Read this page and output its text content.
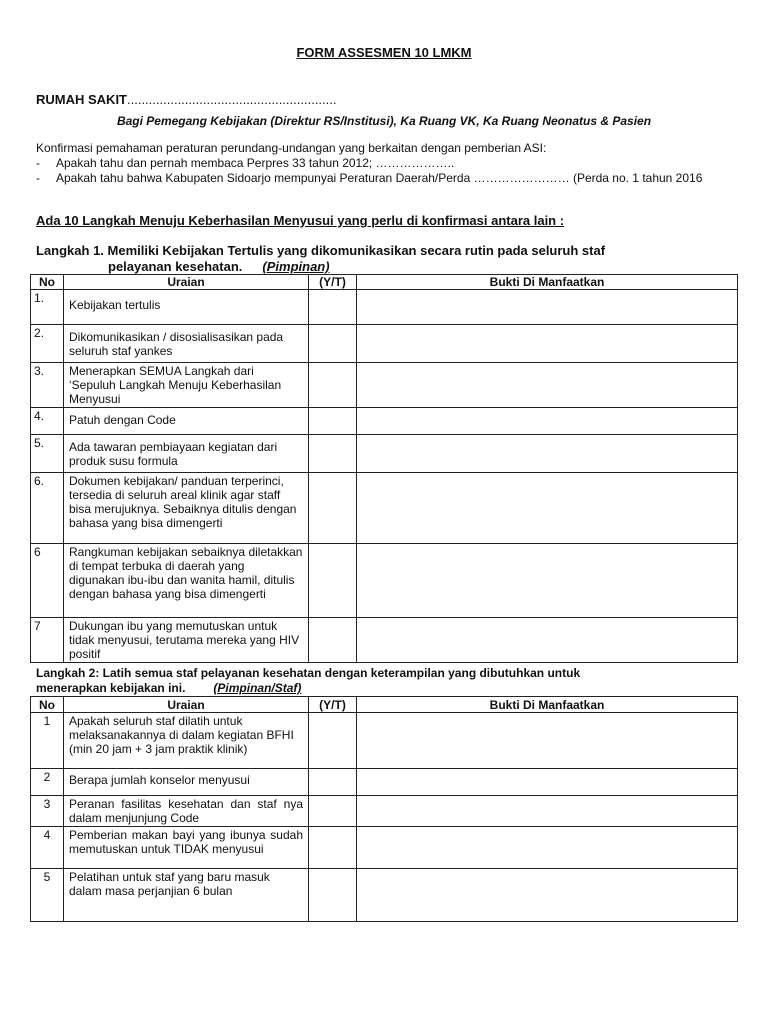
FORM ASSESMEN 10 LMKM
RUMAH SAKIT..........................................................
Bagi Pemegang Kebijakan (Direktur RS/Institusi), Ka Ruang VK, Ka Ruang Neonatus & Pasien
Konfirmasi pemahaman peraturan perundang-undangan yang berkaitan dengan pemberian ASI:
- Apakah tahu dan pernah membaca Perpres 33 tahun 2012; ………………..
- Apakah tahu bahwa Kabupaten Sidoarjo mempunyai Peraturan Daerah/Perda …………………… (Perda no. 1 tahun 2016
Ada 10 Langkah Menuju Keberhasilan Menyusui yang perlu di konfirmasi antara lain :
Langkah 1. Memiliki Kebijakan Tertulis yang dikomunikasikan secara rutin pada seluruh staf
pelayanan kesehatan. (Pimpinan)
No	Uraian	(Y/T)	Bukti Di Manfaatkan
1.	Kebijakan tertulis		
2.	Dikomunikasikan / disosialisasikan pada seluruh staf yankes		
3.	Menerapkan SEMUA Langkah dari ‘Sepuluh Langkah Menuju Keberhasilan Menyusui		
4.	Patuh dengan Code		
5.	Ada tawaran pembiayaan kegiatan dari produk susu formula		
6.	Dokumen kebijakan/ panduan terperinci, tersedia di seluruh areal klinik agar staff bisa merujuknya. Sebaiknya ditulis dengan bahasa yang bisa dimengerti		
6	Rangkuman kebijakan sebaiknya diletakkan di tempat terbuka di daerah yang digunakan ibu-ibu dan wanita hamil, ditulis dengan bahasa yang bisa dimengerti		
7	Dukungan ibu yang memutuskan untuk tidak menyusui, terutama mereka yang HIV positif		
Langkah 2: Latih semua staf pelayanan kesehatan dengan keterampilan yang dibutuhkan untuk
menerapkan kebijakan ini. (Pimpinan/Staf)
No	Uraian	(Y/T)	Bukti Di Manfaatkan
1	Apakah seluruh staf dilatih untuk melaksanakannya di dalam kegiatan BFHI (min 20 jam + 3 jam praktik klinik)		
2	Berapa jumlah konselor menyusui		
3	Peranan fasilitas kesehatan dan staf nya dalam menjunjung Code		
4	Pemberian makan bayi yang ibunya sudah memutuskan untuk TIDAK menyusui		
5	Pelatihan untuk staf yang baru masuk dalam masa perjanjian 6 bulan		
